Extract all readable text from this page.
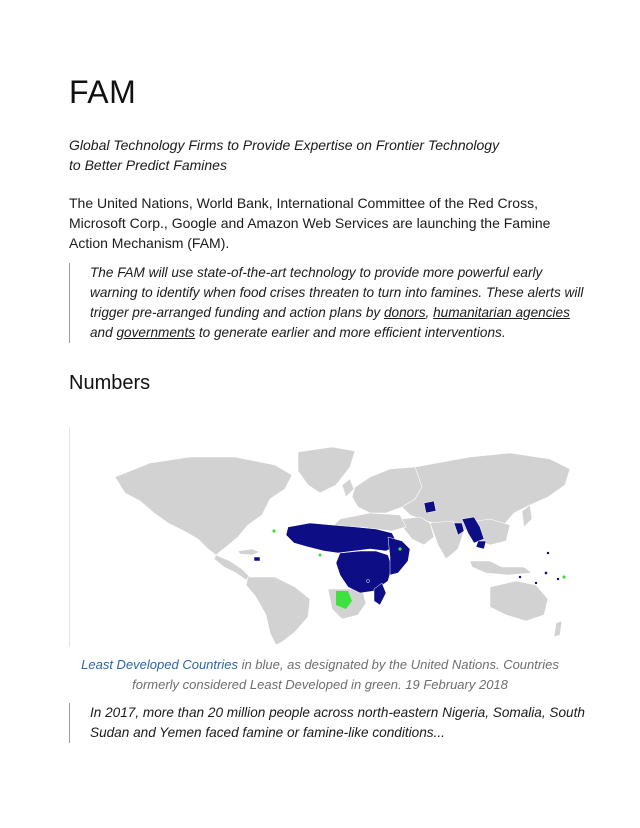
FAM

Global Technology Firms to Provide Expertise on Frontier Technology
to Better Predict Famines

The United Nations, World Bank, International Committee of the Red Cross, Microsoft Corp., Google and Amazon Web Services are launching the Famine Action Mechanism (FAM).

The FAM will use state-of-the-art technology to provide more powerful early warning to identify when food crises threaten to turn into famines. These alerts will trigger pre-arranged funding and action plans by donors, humanitarian agencies and governments to generate earlier and more efficient interventions.
Numbers

Least Developed Countries in blue, as designated by the United Nations. Countries formerly considered Least Developed in green. 19 February 2018

In 2017, more than 20 million people across north-eastern Nigeria, Somalia, South Sudan and Yemen faced famine or famine-like conditions...
